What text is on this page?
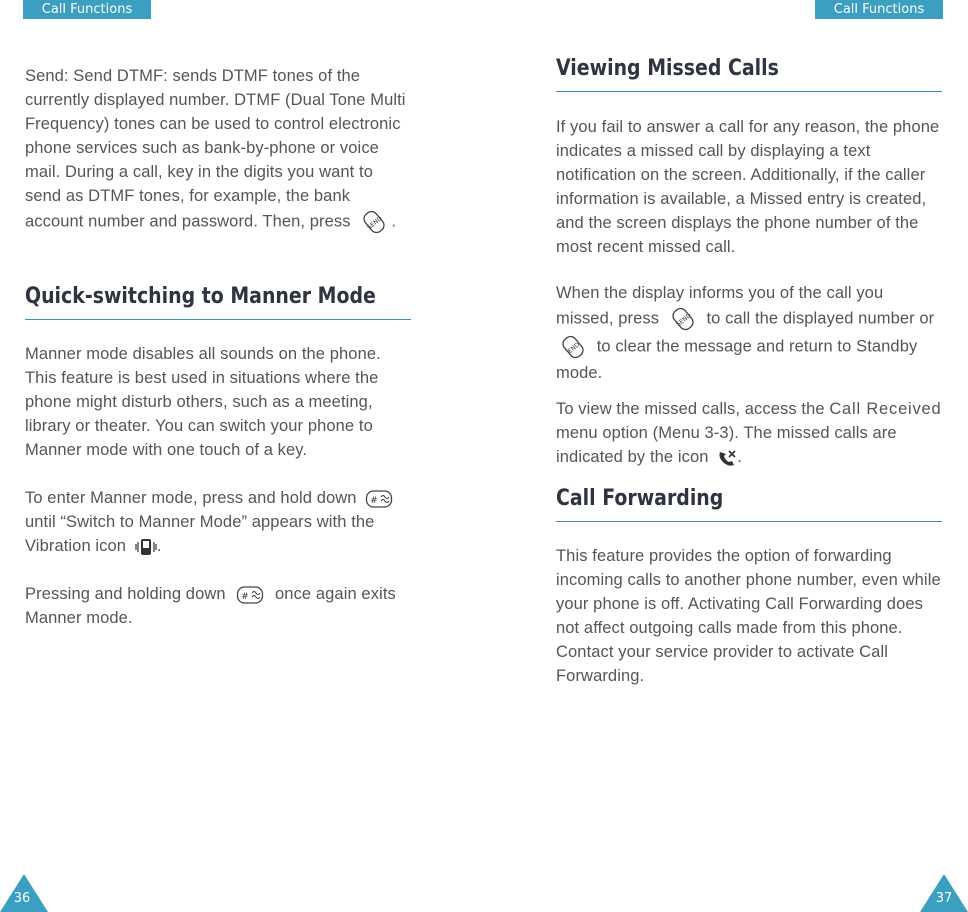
Call Functions	Call Functions

Send: Send DTMF: sends DTMF tones of the currently displayed number. DTMF (Dual Tone Multi Frequency) tones can be used to control electronic phone services such as bank-by-phone or voice mail. During a call, key in the digits you want to send as DTMF tones, for example, the bank account number and password. Then, press	SEND .

Quick-switching to Manner Mode

Manner mode disables all sounds on the phone. This feature is best used in situations where the phone might disturb others, such as a meeting, library or theater. You can switch your phone to Manner mode with one touch of a key.

To enter Manner mode, press and hold down #
until “Switch to Manner Mode” appears with the Vibration icon .

Pressing and holding down # once again exits Manner mode.

Viewing Missed Calls

If you fail to answer a call for any reason, the phone indicates a missed call by displaying a text notification on the screen. Additionally, if the caller information is available, a Missed entry is created, and the screen displays the phone number of the most recent missed call.

When the display informs you of the call you missed, press	SEND to call the displayed number or
END to clear the message and return to Standby mode.

To view the missed calls, access the Call Received menu option (Menu 3-3). The missed calls are indicated by the icon .

Call Forwarding

This feature provides the option of forwarding incoming calls to another phone number, even while your phone is off. Activating Call Forwarding does not affect outgoing calls made from this phone. Contact your service provider to activate Call Forwarding.

36	37
